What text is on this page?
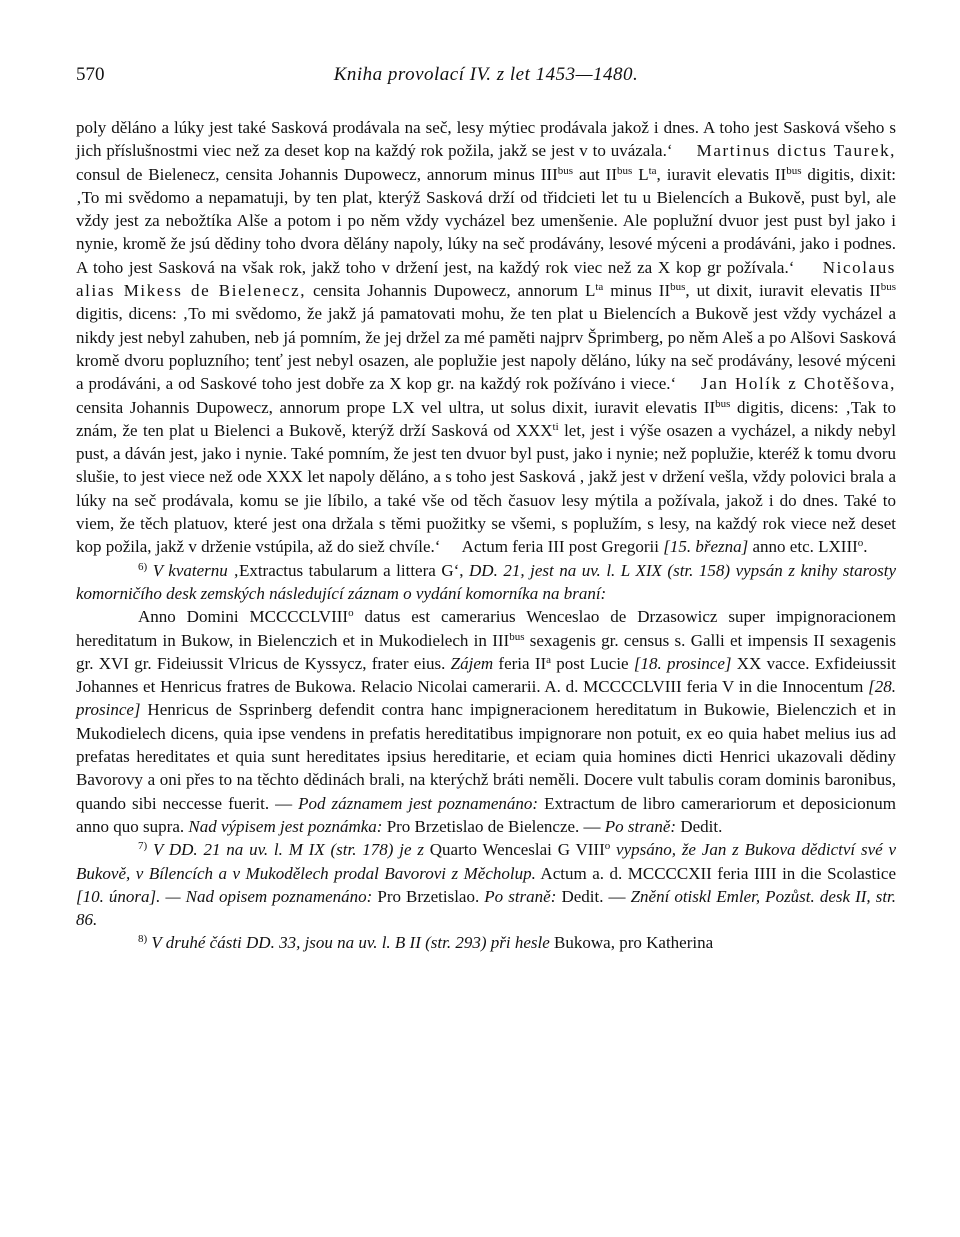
570	Kniha provolací IV. z let 1453—1480.

poly děláno a lúky jest také Sasková prodávala na seč, lesy mýtiec prodávala jakož i dnes. A toho jest Sasková všeho s jich příslušnostmi viec než za deset kop na každý rok požila, jakž se jest v to uvázala.‘ Martinus dictus Taurek, consul de Bielenecz, censita Johannis Dupowecz, annorum minus $III^{bus}$ aut $II^{bus}$ $L^{ta}$, iuravit elevatis $II^{bus}$ digitis, dixit: ‚To mi svědomo a nepamatuji, by ten plat, kterýž Sasková drží od třidcieti let tu u Bielencích a Bukově, pust byl, ale vždy jest za nebožtíka Alše a potom i po něm vždy vycházel bez umenšenie. Ale poplužní dvuor jest pust byl jako i nynie, kromě že jsú dědiny toho dvora dělány napoly, lúky na seč prodávány, lesové mýceni a prodáváni, jako i podnes. A toho jest Sasková na však rok, jakž toho v držení jest, na každý rok viec než za X kop gr požívala.‘ Nicolaus alias Mikess de Bielenecz, censita Johannis Dupowecz, annorum $L^{ta}$ minus $II^{bus}$, ut dixit, iuravit elevatis $II^{bus}$ digitis, dicens: ‚To mi svědomo, že jakž já pamatovati mohu, že ten plat u Bielencích a Bukově jest vždy vycházel a nikdy jest nebyl zahuben, neb já pomním, že jej držel za mé paměti najprv Šprimberg, po něm Aleš a po Alšovi Sasková kromě dvoru popluzního; tenť jest nebyl osazen, ale poplužie jest napoly děláno, lúky na seč prodávány, lesové mýceni a prodáváni, a od Saskové toho jest dobře za X kop gr. na každý rok požíváno i viece.‘ Jan Holík z Chotěšova, censita Johannis Dupowecz, annorum prope LX vel ultra, ut solus dixit, iuravit elevatis $II^{bus}$ digitis, dicens: ‚Tak to znám, že ten plat u Bielenci a Bukově, kterýž drží Sasková od $XXX^{ti}$ let, jest i výše osazen a vycházel, a nikdy nebyl pust, a dáván jest, jako i nynie. Také pomním, že jest ten dvuor byl pust, jako i nynie; než poplužie, kteréž k tomu dvoru slušie, to jest viece než ode XXX let napoly děláno, a s toho jest Sasková , jakž jest v držení vešla, vždy polovici brala a lúky na seč prodávala, komu se jie líbilo, a také vše od těch časuov lesy mýtila a požívala, jakož i do dnes. Také to viem, že těch platuov, které jest ona držala s těmi puožitky se všemi, s poplužím, s lesy, na každý rok viece než deset kop požila, jakž v drženie vstúpila, až do siež chvíle.‘ Actum feria III post Gregorii [15. března] anno etc. LXIII$^o$.

$^{6)}$ V kvaternu ‚Extractus tabularum a littera G‘, DD. 21, jest na uv. l. L XIX (str. 158) vypsán z knihy starosty komorničího desk zemských následující záznam o vydání komorníka na braní:

Anno Domini MCCCCLVIII$^o$ datus est camerarius Wenceslao de Drzasowicz super impignoracionem hereditatum in Bukow, in Bielenczich et in Mukodielech in $III^{bus}$ sexagenis gr. census s. Galli et impensis II sexagenis gr. XVI gr. Fideiussit Vlricus de Kyssycz, frater eius. Zájem feria $II^a$ post Lucie [18. prosince] XX vacce. Exfideiussit Johannes et Henricus fratres de Bukowa. Relacio Nicolai camerarii. A. d. MCCCCLVIII feria V in die Innocentum [28. prosince] Henricus de Ssprinberg defendit contra hanc impigneracionem hereditatum in Bukowie, Bielenczich et in Mukodielech dicens, quia ipse vendens in prefatis hereditatibus impignorare non potuit, ex eo quia habet melius ius ad prefatas hereditates et quia sunt hereditates ipsius hereditarie, et eciam quia homines dicti Henrici ukazovali dědiny Bavorovy a oni přes to na těchto dědinách brali, na kterýchž bráti neměli. Docere vult tabulis coram dominis baronibus, quando sibi neccesse fuerit. — Pod záznamem jest poznamenáno: Extractum de libro camerariorum et deposicionum anno quo supra. Nad výpisem jest poznámka: Pro Brzetislao de Bielencze. — Po straně: Dedit.

$^{7)}$ V DD. 21 na uv. l. M IX (str. 178) je z Quarto Wenceslai G VIII$^o$ vypsáno, že Jan z Bukova dědictví své v Bukově, v Bílencích a v Mukodělech prodal Bavorovi z Měcholup. Actum a. d. MCCCCXII feria IIII in die Scolastice [10. února]. — Nad opisem poznamenáno: Pro Brzetislao. Po straně: Dedit. — Znění otiskl Emler, Pozůst. desk II, str. 86.

$^{8)}$ V druhé části DD. 33, jsou na uv. l. B II (str. 293) při hesle Bukowa, pro Katherina
